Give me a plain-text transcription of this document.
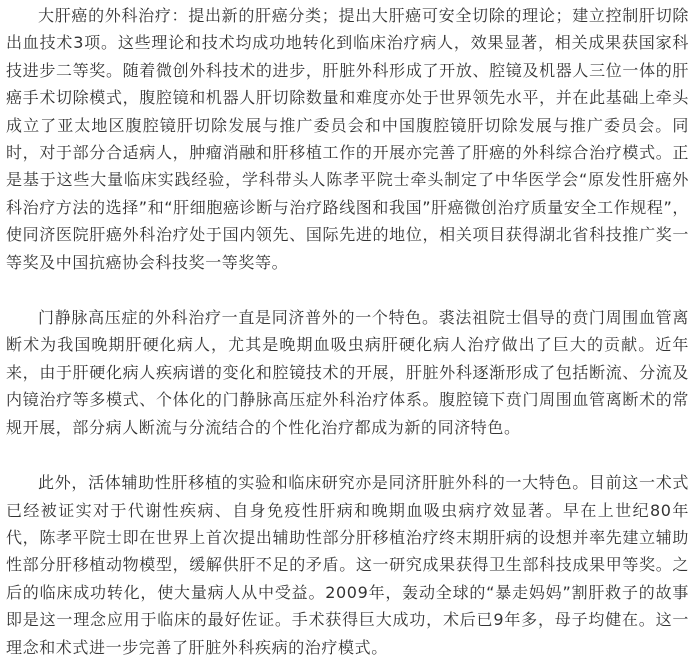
大肝癌的外科治疗：提出新的肝癌分类；提出大肝癌可安全切除的理论；建立控制肝切除出血技术3项。这些理论和技术均成功地转化到临床治疗病人，效果显著，相关成果获国家科技进步二等奖。随着微创外科技术的进步，肝脏外科形成了开放、腔镜及机器人三位一体的肝癌手术切除模式，腹腔镜和机器人肝切除数量和难度亦处于世界领先水平，并在此基础上牵头成立了亚太地区腹腔镜肝切除发展与推广委员会和中国腹腔镜肝切除发展与推广委员会。同时，对于部分合适病人，肿瘤消融和肝移植工作的开展亦完善了肝癌的外科综合治疗模式。正是基于这些大量临床实践经验，学科带头人陈孝平院士牵头制定了中华医学会“原发性肝癌外科治疗方法的选择”和“肝细胞癌诊断与治疗路线图和我国”肝癌微创治疗质量安全工作规程”，使同济医院肝癌外科治疗处于国内领先、国际先进的地位，相关项目获得湖北省科技推广奖一等奖及中国抗癌协会科技奖一等奖等。

门静脉高压症的外科治疗一直是同济普外的一个特色。裘法祖院士倡导的贲门周围血管离断术为我国晚期肝硬化病人，尤其是晚期血吸虫病肝硬化病人治疗做出了巨大的贡献。近年来，由于肝硬化病人疾病谱的变化和腔镜技术的开展，肝脏外科逐渐形成了包括断流、分流及内镜治疗等多模式、个体化的门静脉高压症外科治疗体系。腹腔镜下贲门周围血管离断术的常规开展，部分病人断流与分流结合的个性化治疗都成为新的同济特色。

此外，活体辅助性肝移植的实验和临床研究亦是同济肝脏外科的一大特色。目前这一术式已经被证实对于代谢性疾病、自身免疫性肝病和晚期血吸虫病疗效显著。早在上世纪80年代，陈孝平院士即在世界上首次提出辅助性部分肝移植治疗终末期肝病的设想并率先建立辅助性部分肝移植动物模型，缓解供肝不足的矛盾。这一研究成果获得卫生部科技成果甲等奖。之后的临床成功转化，使大量病人从中受益。2009年，轰动全球的“暴走妈妈”割肝救子的故事即是这一理念应用于临床的最好佐证。手术获得巨大成功，术后已9年多，母子均健在。这一理念和术式进一步完善了肝脏外科疾病的治疗模式。
